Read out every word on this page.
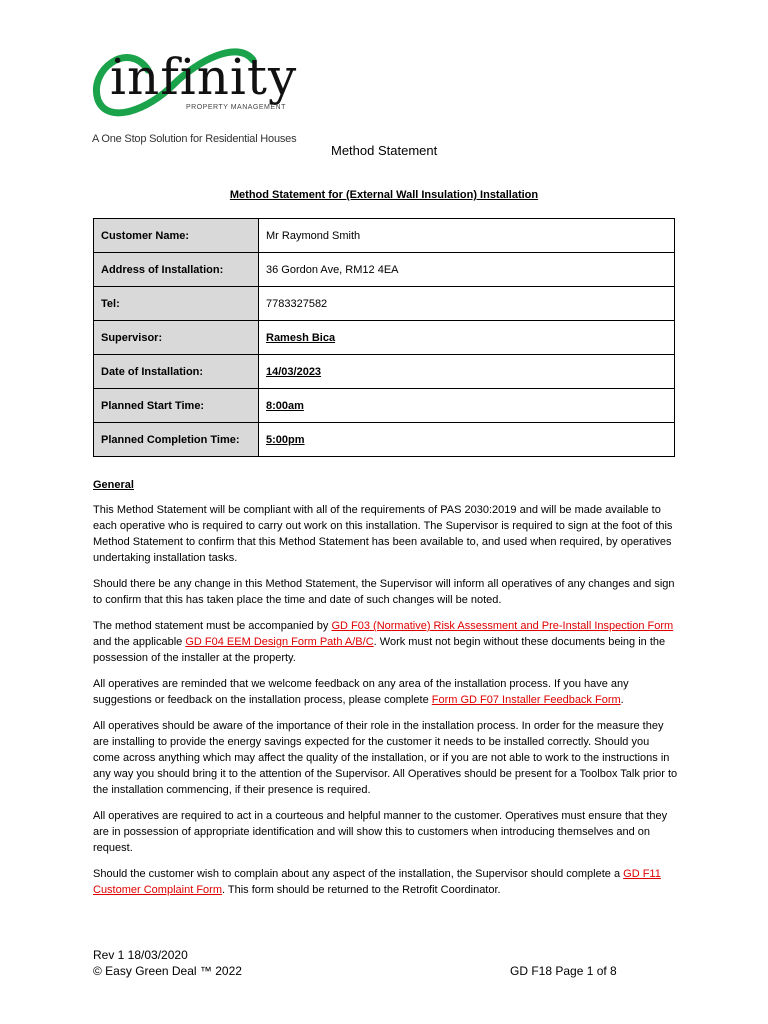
infinity
PROPERTY MANAGEMENT
A One Stop Solution for Residential Houses
Method Statement
Method Statement for (External Wall Insulation) Installation
Customer Name:	Mr Raymond Smith
Address of Installation:	36 Gordon Ave, RM12 4EA
Tel:	7783327582
Supervisor:	Ramesh Bica
Date of Installation:	14/03/2023
Planned Start Time:	8:00am
Planned Completion Time:	5:00pm
General

This Method Statement will be compliant with all of the requirements of PAS 2030:2019 and will be made available to each operative who is required to carry out work on this installation. The Supervisor is required to sign at the foot of this Method Statement to confirm that this Method Statement has been available to, and used when required, by operatives undertaking installation tasks.

Should there be any change in this Method Statement, the Supervisor will inform all operatives of any changes and sign to confirm that this has taken place the time and date of such changes will be noted.

The method statement must be accompanied by GD F03 (Normative) Risk Assessment and Pre-Install Inspection Form and the applicable GD F04 EEM Design Form Path A/B/C. Work must not begin without these documents being in the possession of the installer at the property.

All operatives are reminded that we welcome feedback on any area of the installation process. If you have any suggestions or feedback on the installation process, please complete Form GD F07 Installer Feedback Form.

All operatives should be aware of the importance of their role in the installation process. In order for the measure they are installing to provide the energy savings expected for the customer it needs to be installed correctly. Should you come across anything which may affect the quality of the installation, or if you are not able to work to the instructions in any way you should bring it to the attention of the Supervisor. All Operatives should be present for a Toolbox Talk prior to the installation commencing, if their presence is required.

All operatives are required to act in a courteous and helpful manner to the customer. Operatives must ensure that they are in possession of appropriate identification and will show this to customers when introducing themselves and on request.

Should the customer wish to complain about any aspect of the installation, the Supervisor should complete a GD F11 Customer Complaint Form. This form should be returned to the Retrofit Coordinator.

Rev 1 18/03/2020
© Easy Green Deal ™ 2022	GD F18 Page 1 of 8
